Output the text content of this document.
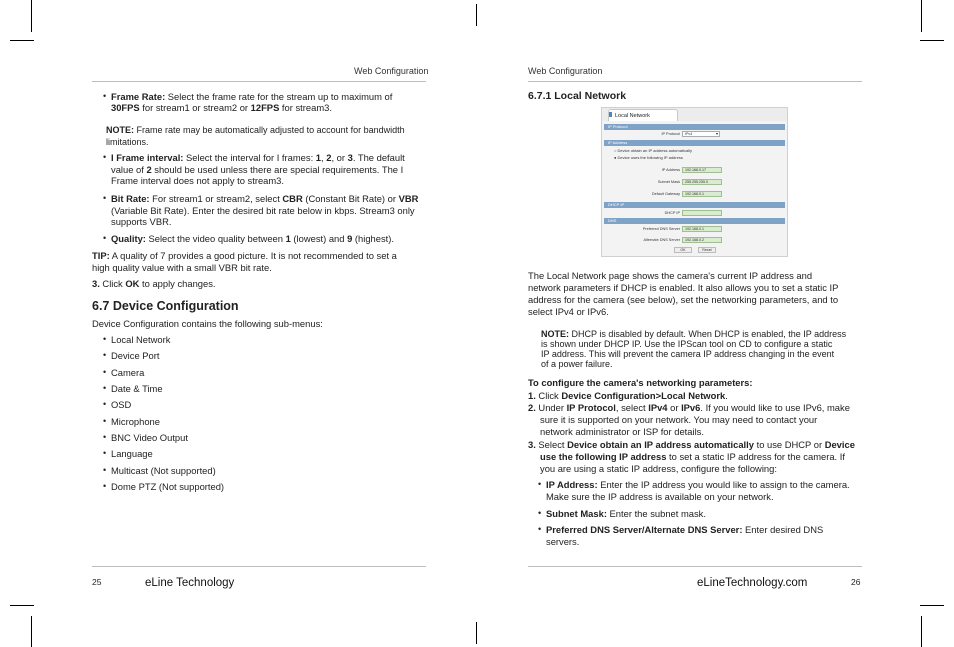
Web Configuration
• Frame Rate: Select the frame rate for the stream up to maximum of
30FPS for stream1 or stream2 or 12FPS for stream3.
NOTE: Frame rate may be automatically adjusted to account for bandwidth
limitations.
• I Frame interval: Select the interval for I frames: 1, 2, or 3. The default
value of 2 should be used unless there are special requirements. The I
Frame interval does not apply to stream3.
• Bit Rate: For stream1 or stream2, select CBR (Constant Bit Rate) or VBR
(Variable Bit Rate). Enter the desired bit rate below in kbps. Stream3 only
supports VBR.
• Quality: Select the video quality between 1 (lowest) and 9 (highest).
TIP: A quality of 7 provides a good picture. It is not recommended to set a
high quality value with a small VBR bit rate.
3. Click OK to apply changes.
6.7 Device Configuration
Device Configuration contains the following sub-menus:
• Local Network
• Device Port
• Camera
• Date & Time
• OSD
• Microphone
• BNC Video Output
• Language
• Multicast (Not supported)
• Dome PTZ (Not supported)
25	eLine Technology
Web Configuration
6.7.1 Local Network
Local Network
IP Protocol
IP Protocol	IPv4	▾
IP Address
○ Device obtain an IP address automatically
● Device uses the following IP address
IP Address	192.168.0.17
Subnet Mask	255.255.255.0
Default Gateway	192.168.0.1
DHCP IP
DHCP IP
DNS
Preferred DNS Server	192.168.0.1
Alternate DNS Server	192.168.0.2
OK	Reset
The Local Network page shows the camera's current IP address and
network parameters if DHCP is enabled. It also allows you to set a static IP
address for the camera (see below), set the networking parameters, and to
select IPv4 or IPv6.
NOTE: DHCP is disabled by default. When DHCP is enabled, the IP address
is shown under DHCP IP. Use the IPScan tool on CD to configure a static
IP address. This will prevent the camera IP address changing in the event
of a power failure.
To configure the camera's networking parameters:
1. Click Device Configuration>Local Network.
2. Under IP Protocol, select IPv4 or IPv6. If you would like to use IPv6, make
sure it is supported on your network. You may need to contact your
network administrator or ISP for details.
3. Select Device obtain an IP address automatically to use DHCP or Device
use the following IP address to set a static IP address for the camera. If
you are using a static IP address, configure the following:
• IP Address: Enter the IP address you would like to assign to the camera.
Make sure the IP address is available on your network.
• Subnet Mask: Enter the subnet mask.
• Preferred DNS Server/Alternate DNS Server: Enter desired DNS
servers.
eLineTechnology.com	26
